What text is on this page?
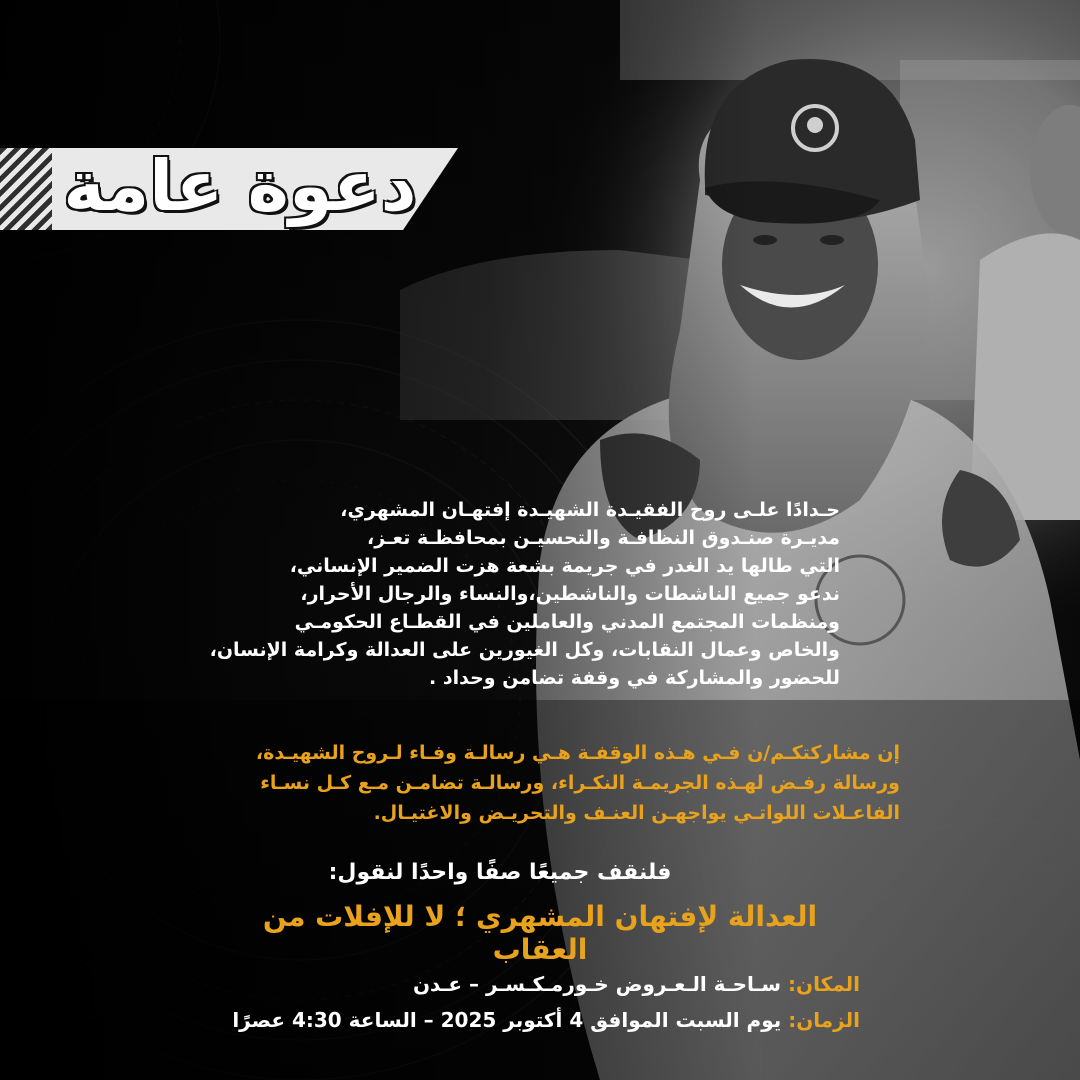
دعوة عامة
حـدادًا علـى روح الفقيـدة الشهيـدة إفتهـان المشهري،
مديـرة صنـدوق النظافـة والتحسيـن بمحافظـة تعـز،
التي طالها يد الغدر في جريمة بشعة هزت الضمير الإنساني،
ندعو جميع الناشطات والناشطين،والنساء والرجال الأحرار،
ومنظمات المجتمع المدني والعاملين في القطـاع الحكومـي
والخاص وعمال النقابات، وكل الغيورين على العدالة وكرامة الإنسان،
للحضور والمشاركة في وقفة تضامن وحداد .
إن مشاركتكـم/ن فـي هـذه الوقفـة هـي رسالـة وفـاء لـروح الشهيـدة،
ورسالة رفـض لهـذه الجريمـة النكـراء، ورسالـة تضامـن مـع كـل نسـاء
الفاعـلات اللواتـي يواجهـن العنـف والتحريـض والاغتيـال.
فلنقف جميعًا صفًا واحدًا لنقول:
العدالة لإفتهان المشهري ؛ لا للإفلات من العقاب
المكان: سـاحـة الـعـروض خـورمـكـسـر – عـدن
الزمان: يوم السبت الموافق 4 أكتوبر 2025 – الساعة 4:30 عصرًا
